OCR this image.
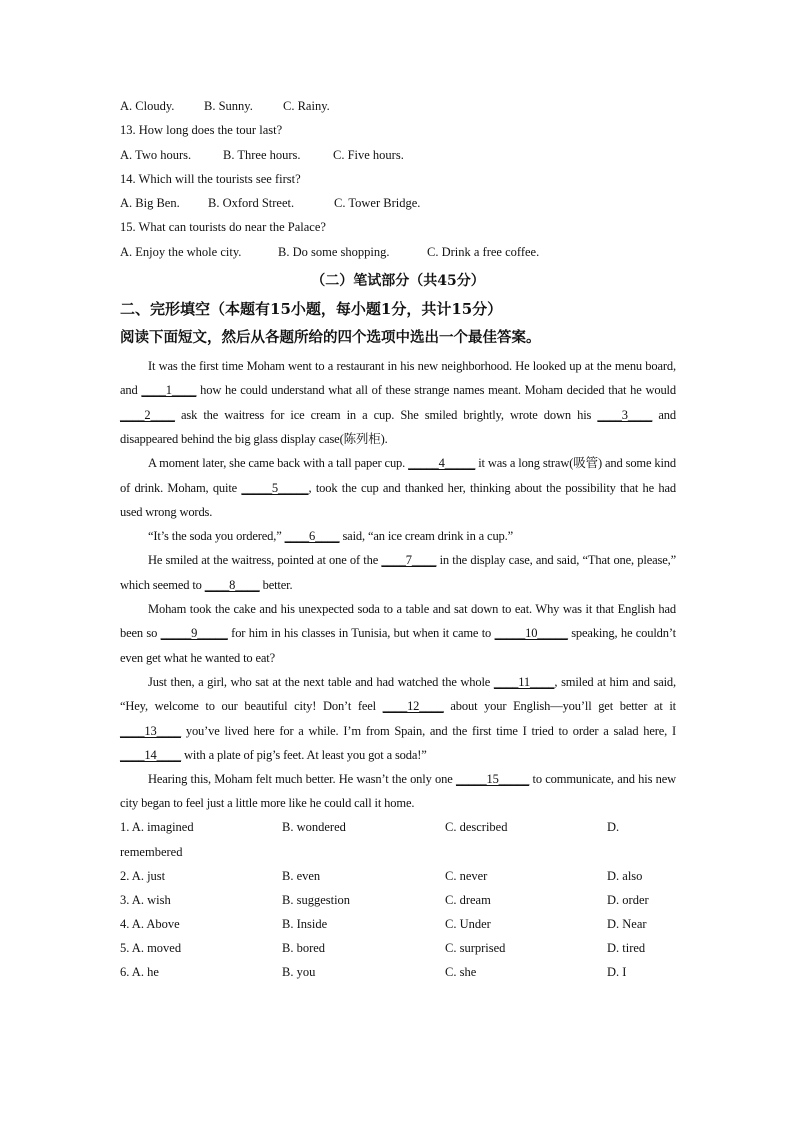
A. Cloudy. B. Sunny. C. Rainy.
13. How long does the tour last?
A. Two hours.	B. Three hours.	C. Five hours.
14. Which will the tourists see first?
A. Big Ben. B. Oxford Street.	C. Tower Bridge.
15. What can tourists do near the Palace?
A. Enjoy the whole city.	B. Do some shopping.	C. Drink a free coffee.
（二）笔试部分（共45分）
二、完形填空（本题有15小题，每小题1分，共计15分）
阅读下面短文，然后从各题所给的四个选项中选出一个最佳答案。
It was the first time Moham went to a restaurant in his new neighborhood. He looked up at the menu board, and ____1____ how he could understand what all of these strange names meant. Moham decided that he would ____2____ ask the waitress for ice cream in a cup. She smiled brightly, wrote down his ____3____ and disappeared behind the big glass display case(陈列柜).
A moment later, she came back with a tall paper cup. _____4_____ it was a long straw(吸管) and some kind of drink. Moham, quite _____5_____, took the cup and thanked her, thinking about the possibility that he had used wrong words.
“It’s the soda you ordered,” ____6____ said, “an ice cream drink in a cup.”
He smiled at the waitress, pointed at one of the ____7____ in the display case, and said, “That one, please,” which seemed to ____8____ better.
Moham took the cake and his unexpected soda to a table and sat down to eat. Why was it that English had been so _____9_____ for him in his classes in Tunisia, but when it came to _____10_____ speaking, he couldn’t even get what he wanted to eat?
Just then, a girl, who sat at the next table and had watched the whole ____11____, smiled at him and said, “Hey, welcome to our beautiful city! Don’t feel ____12____ about your English—you’ll get better at it ____13____ you’ve lived here for a while. I’m from Spain, and the first time I tried to order a salad here, I ____14____ with a plate of pig’s feet. At least you got a soda!”
Hearing this, Moham felt much better. He wasn’t the only one _____15_____ to communicate, and his new city began to feel just a little more like he could call it home.
1. A. imagined	B. wondered	C. described	D.
remembered			
2. A. just	B. even	C. never	D. also
3. A. wish	B. suggestion	C. dream	D. order
4. A. Above	B. Inside	C. Under	D. Near
5. A. moved	B. bored	C. surprised	D. tired
6. A. he	B. you	C. she	D. I
